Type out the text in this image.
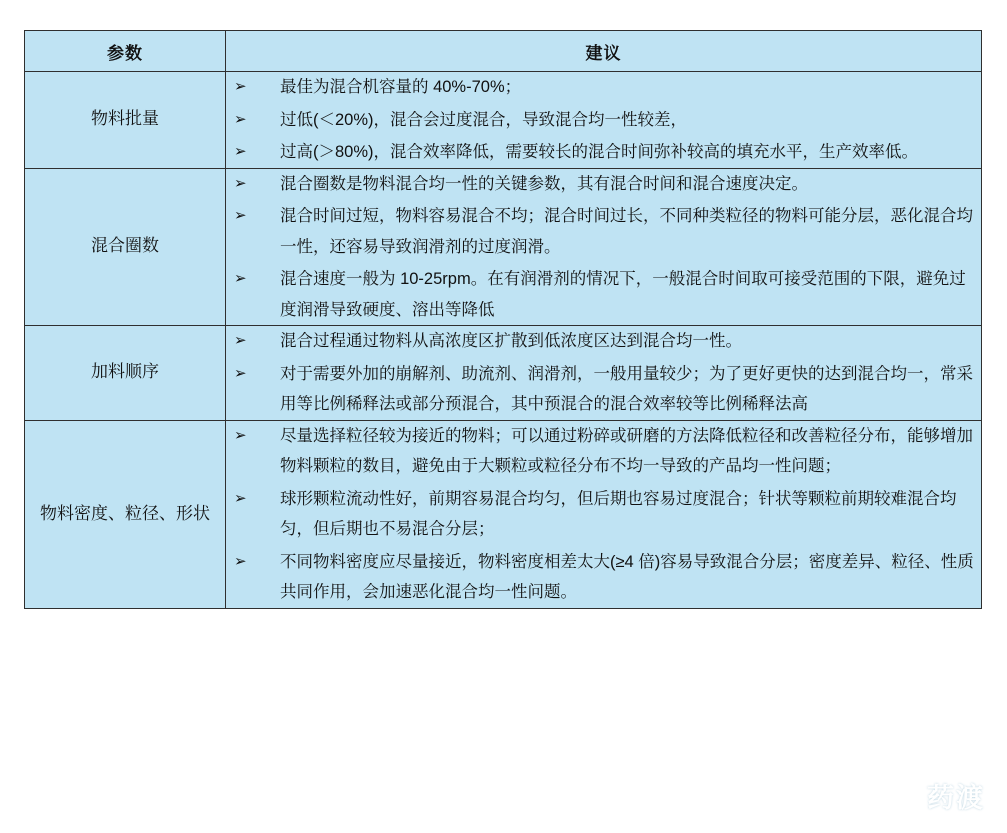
参数	建议
物料批量	
➢	最佳为混合机容量的 40%-70%；
➢	过低(＜20%)，混合会过度混合，导致混合均一性较差，
➢	过高(＞80%)，混合效率降低，需要较长的混合时间弥补较高的填充水平，生产效率低。

混合圈数	
➢	混合圈数是物料混合均一性的关键参数，其有混合时间和混合速度决定。
➢	混合时间过短，物料容易混合不均；混合时间过长，不同种类粒径的物料可能分层，恶化混合均一性，还容易导致润滑剂的过度润滑。
➢	混合速度一般为 10-25rpm。在有润滑剂的情况下，一般混合时间取可接受范围的下限，避免过度润滑导致硬度、溶出等降低

加料顺序	
➢	混合过程通过物料从高浓度区扩散到低浓度区达到混合均一性。
➢	对于需要外加的崩解剂、助流剂、润滑剂，一般用量较少；为了更好更快的达到混合均一，常采用等比例稀释法或部分预混合，其中预混合的混合效率较等比例稀释法高

物料密度、粒径、形状	
➢	尽量选择粒径较为接近的物料；可以通过粉碎或研磨的方法降低粒径和改善粒径分布，能够增加物料颗粒的数目，避免由于大颗粒或粒径分布不均一导致的产品均一性问题；
➢	球形颗粒流动性好，前期容易混合均匀，但后期也容易过度混合；针状等颗粒前期较难混合均匀，但后期也不易混合分层；
➢	不同物料密度应尽量接近，物料密度相差太大(≥4 倍)容易导致混合分层；密度差异、粒径、性质共同作用，会加速恶化混合均一性问题。
D 药渡
